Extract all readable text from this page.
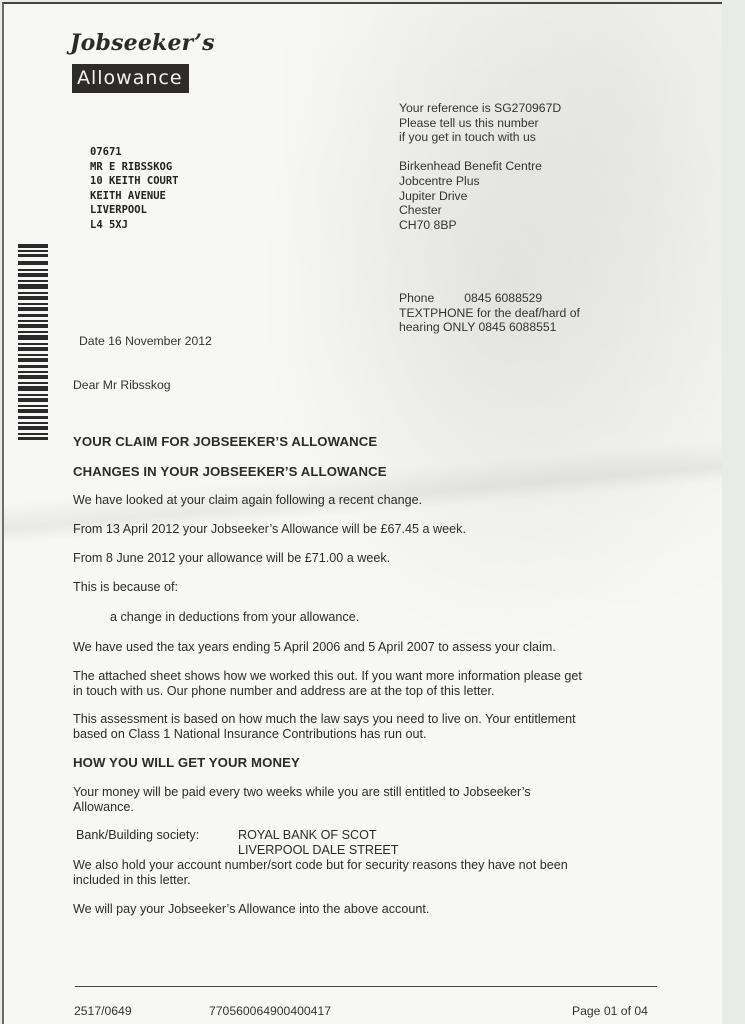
Jobseeker’s
Allowance
Your reference is SG270967D
Please tell us this number
if you get in touch with us
Birkenhead Benefit Centre
Jobcentre Plus
Jupiter Drive
Chester
CH70 8BP
07671
MR E RIBSSKOG
10 KEITH COURT
KEITH AVENUE
LIVERPOOL
L4 5XJ
Phone 0845 6088529
TEXTPHONE for the deaf/hard of
hearing ONLY 0845 6088551
Date 16 November 2012
Dear Mr Ribsskog
YOUR CLAIM FOR JOBSEEKER’S ALLOWANCE
CHANGES IN YOUR JOBSEEKER’S ALLOWANCE
We have looked at your claim again following a recent change.
From 13 April 2012 your Jobseeker’s Allowance will be £67.45 a week.
From 8 June 2012 your allowance will be £71.00 a week.
This is because of:
a change in deductions from your allowance.
We have used the tax years ending 5 April 2006 and 5 April 2007 to assess your claim.
The attached sheet shows how we worked this out. If you want more information please get
in touch with us. Our phone number and address are at the top of this letter.
This assessment is based on how much the law says you need to live on. Your entitlement
based on Class 1 National Insurance Contributions has run out.
HOW YOU WILL GET YOUR MONEY
Your money will be paid every two weeks while you are still entitled to Jobseeker’s
Allowance.
Bank/Building society:	ROYAL BANK OF SCOT
LIVERPOOL DALE STREET
We also hold your account number/sort code but for security reasons they have not been
included in this letter.
We will pay your Jobseeker’s Allowance into the above account.
2517/0649	770560064900400417	Page 01 of 04
